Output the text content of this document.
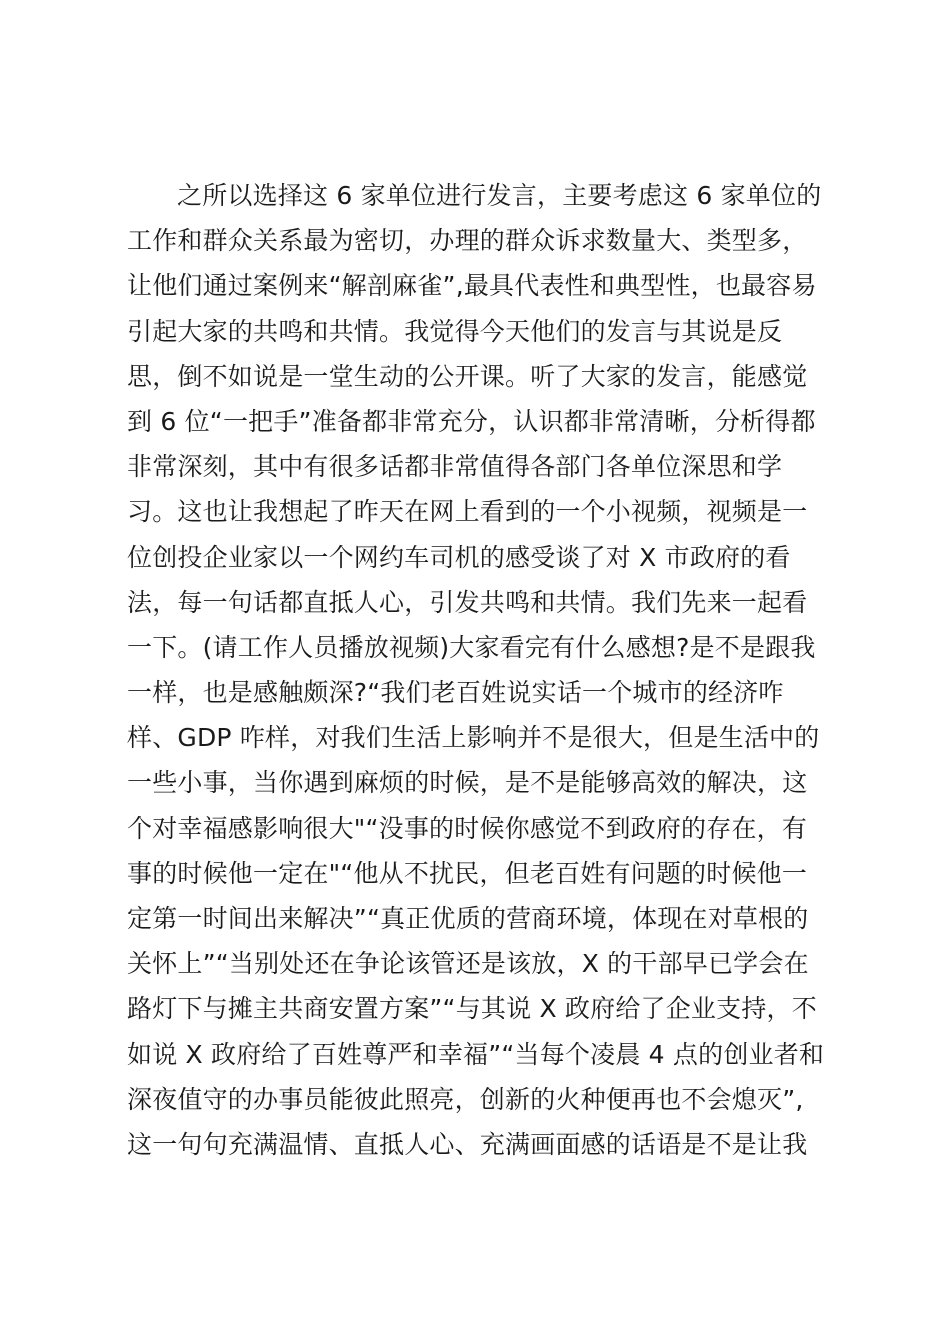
之所以选择这 6 家单位进行发言，主要考虑这 6 家单位的
工作和群众关系最为密切，办理的群众诉求数量大、类型多，
让他们通过案例来“解剖麻雀”,最具代表性和典型性，也最容易
引起大家的共鸣和共情。我觉得今天他们的发言与其说是反
思，倒不如说是一堂生动的公开课。听了大家的发言，能感觉
到 6 位“一把手”准备都非常充分，认识都非常清晰，分析得都
非常深刻，其中有很多话都非常值得各部门各单位深思和学
习。这也让我想起了昨天在网上看到的一个小视频，视频是一
位创投企业家以一个网约车司机的感受谈了对 X 市政府的看
法，每一句话都直抵人心，引发共鸣和共情。我们先来一起看
一下。(请工作人员播放视频)大家看完有什么感想?是不是跟我
一样，也是感触颇深?“我们老百姓说实话一个城市的经济咋
样、GDP 咋样，对我们生活上影响并不是很大，但是生活中的
一些小事，当你遇到麻烦的时候，是不是能够高效的解决，这
个对幸福感影响很大"“没事的时候你感觉不到政府的存在，有
事的时候他一定在"“他从不扰民，但老百姓有问题的时候他一
定第一时间出来解决”“真正优质的营商环境，体现在对草根的
关怀上”“当别处还在争论该管还是该放，X 的干部早已学会在
路灯下与摊主共商安置方案”“与其说 X 政府给了企业支持，不
如说 X 政府给了百姓尊严和幸福”“当每个凌晨 4 点的创业者和
深夜值守的办事员能彼此照亮，创新的火种便再也不会熄灭”,
这一句句充满温情、直抵人心、充满画面感的话语是不是让我
